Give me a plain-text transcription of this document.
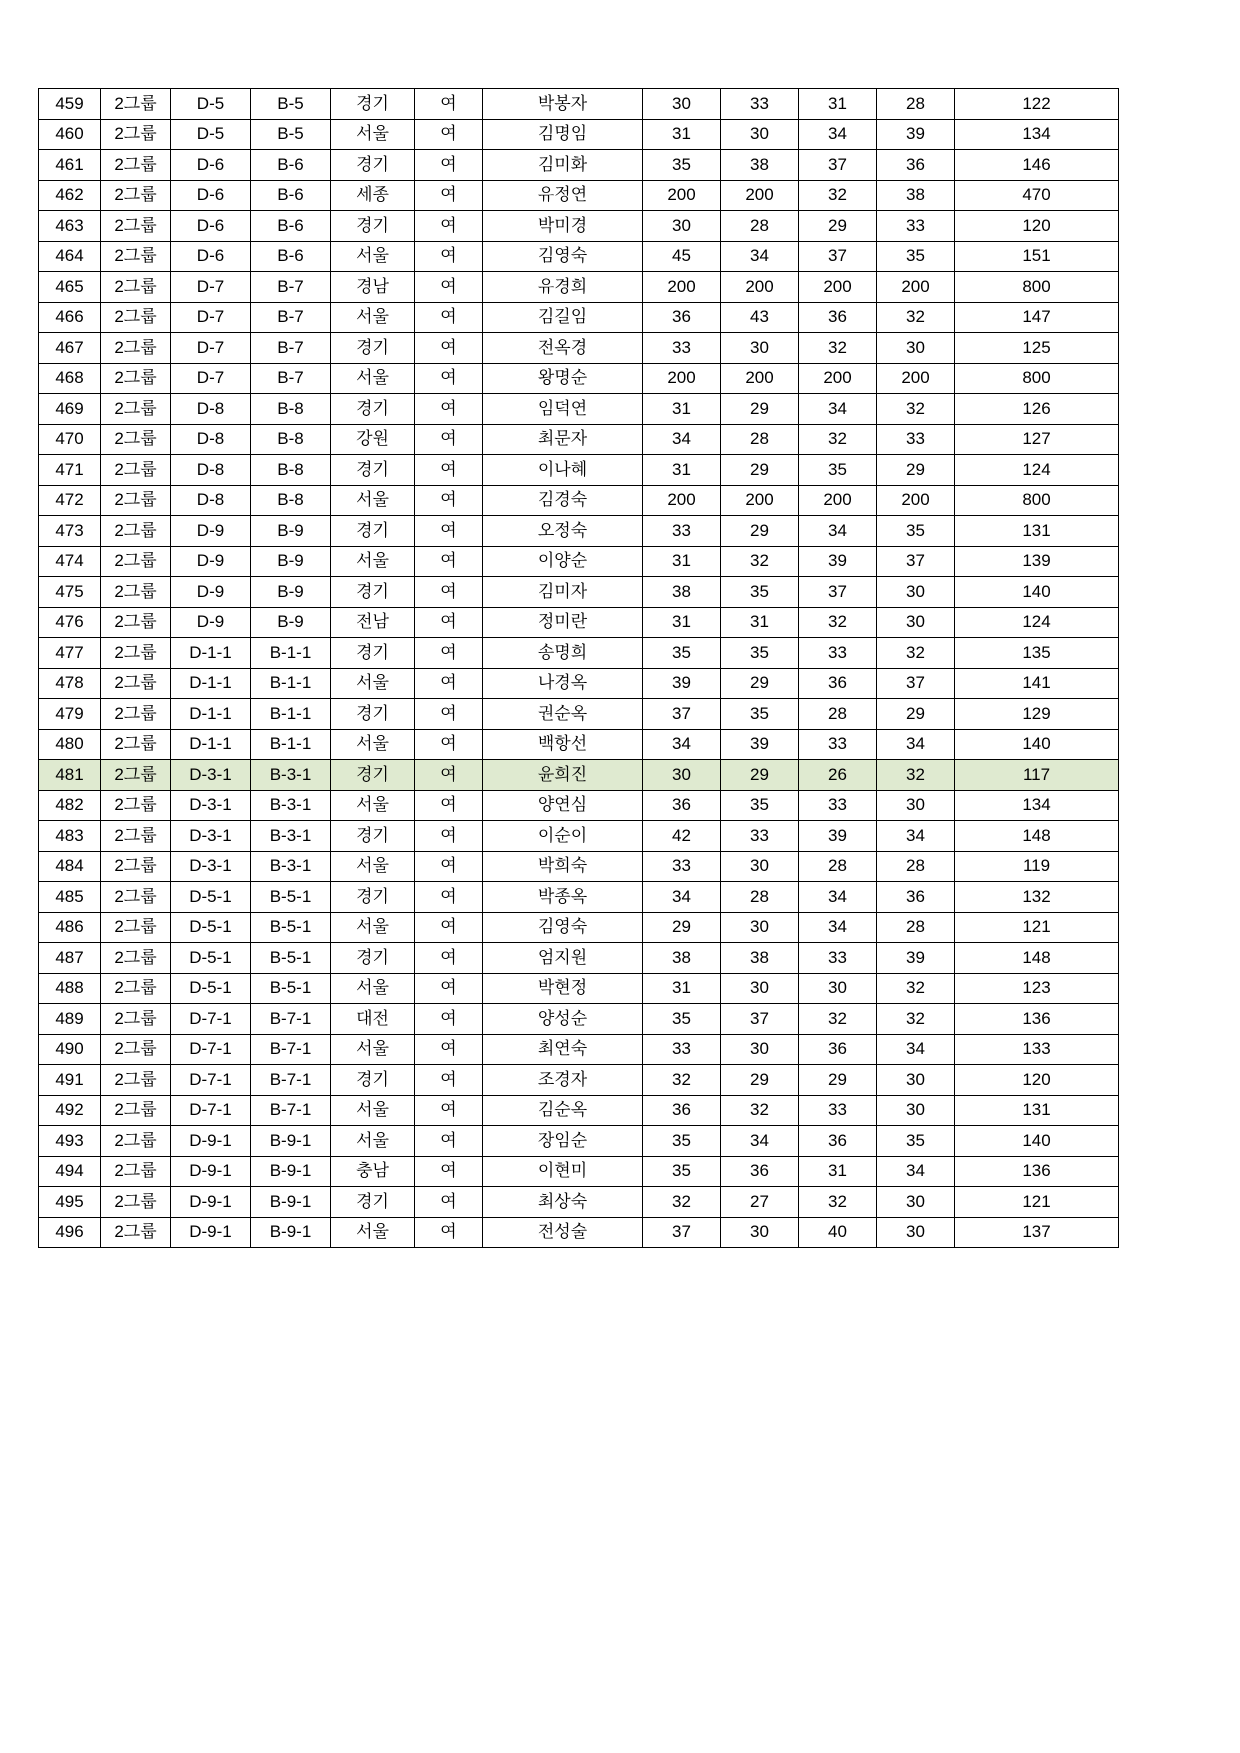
459	2그룹	D-5	B-5	경기	여	박봉자	30	33	31	28	122
460	2그룹	D-5	B-5	서울	여	김명임	31	30	34	39	134
461	2그룹	D-6	B-6	경기	여	김미화	35	38	37	36	146
462	2그룹	D-6	B-6	세종	여	유정연	200	200	32	38	470
463	2그룹	D-6	B-6	경기	여	박미경	30	28	29	33	120
464	2그룹	D-6	B-6	서울	여	김영숙	45	34	37	35	151
465	2그룹	D-7	B-7	경남	여	유경희	200	200	200	200	800
466	2그룹	D-7	B-7	서울	여	김길임	36	43	36	32	147
467	2그룹	D-7	B-7	경기	여	전옥경	33	30	32	30	125
468	2그룹	D-7	B-7	서울	여	왕명순	200	200	200	200	800
469	2그룹	D-8	B-8	경기	여	임덕연	31	29	34	32	126
470	2그룹	D-8	B-8	강원	여	최문자	34	28	32	33	127
471	2그룹	D-8	B-8	경기	여	이나혜	31	29	35	29	124
472	2그룹	D-8	B-8	서울	여	김경숙	200	200	200	200	800
473	2그룹	D-9	B-9	경기	여	오정숙	33	29	34	35	131
474	2그룹	D-9	B-9	서울	여	이양순	31	32	39	37	139
475	2그룹	D-9	B-9	경기	여	김미자	38	35	37	30	140
476	2그룹	D-9	B-9	전남	여	정미란	31	31	32	30	124
477	2그룹	D-1-1	B-1-1	경기	여	송명희	35	35	33	32	135
478	2그룹	D-1-1	B-1-1	서울	여	나경옥	39	29	36	37	141
479	2그룹	D-1-1	B-1-1	경기	여	권순옥	37	35	28	29	129
480	2그룹	D-1-1	B-1-1	서울	여	백항선	34	39	33	34	140
481	2그룹	D-3-1	B-3-1	경기	여	윤희진	30	29	26	32	117
482	2그룹	D-3-1	B-3-1	서울	여	양연심	36	35	33	30	134
483	2그룹	D-3-1	B-3-1	경기	여	이순이	42	33	39	34	148
484	2그룹	D-3-1	B-3-1	서울	여	박희숙	33	30	28	28	119
485	2그룹	D-5-1	B-5-1	경기	여	박종옥	34	28	34	36	132
486	2그룹	D-5-1	B-5-1	서울	여	김영숙	29	30	34	28	121
487	2그룹	D-5-1	B-5-1	경기	여	엄지원	38	38	33	39	148
488	2그룹	D-5-1	B-5-1	서울	여	박현정	31	30	30	32	123
489	2그룹	D-7-1	B-7-1	대전	여	양성순	35	37	32	32	136
490	2그룹	D-7-1	B-7-1	서울	여	최연숙	33	30	36	34	133
491	2그룹	D-7-1	B-7-1	경기	여	조경자	32	29	29	30	120
492	2그룹	D-7-1	B-7-1	서울	여	김순옥	36	32	33	30	131
493	2그룹	D-9-1	B-9-1	서울	여	장임순	35	34	36	35	140
494	2그룹	D-9-1	B-9-1	충남	여	이현미	35	36	31	34	136
495	2그룹	D-9-1	B-9-1	경기	여	최상숙	32	27	32	30	121
496	2그룹	D-9-1	B-9-1	서울	여	전성술	37	30	40	30	137
